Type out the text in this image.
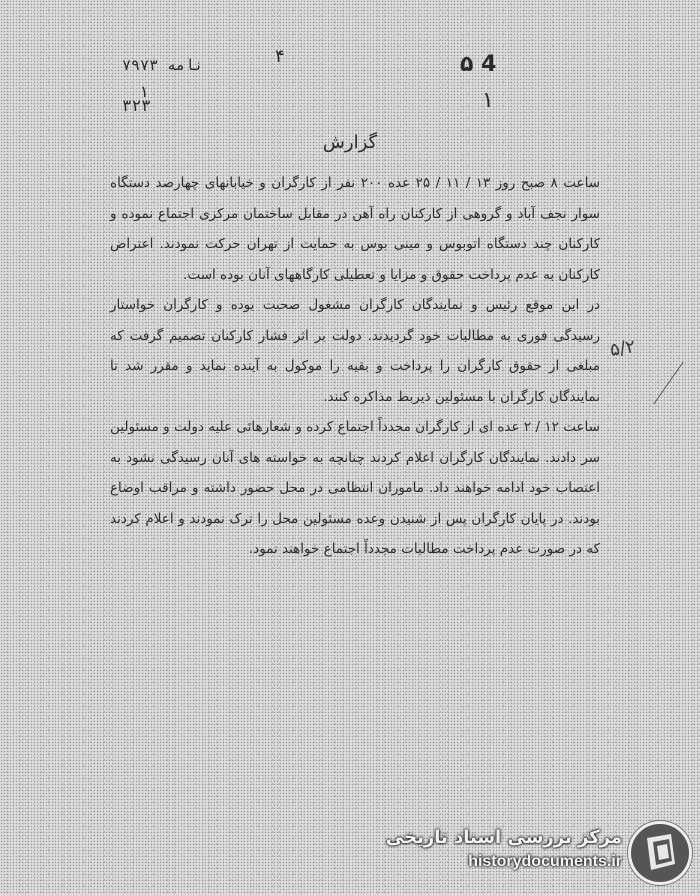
4 ۵
۴
نامه ۷۹۷۳
۱
۳۲۳	۱
گزارش

ساعت ۸ صبح روز ۱۳ / ۱۱ / ۲۵ عده ۲۰۰ نفر از کارگران و خیابانهای چهارصد دستگاه سوار نجف آباد و گروهی از کارکنان راه آهن در مقابل ساختمان مرکزی اجتماع نموده و کارکنان چند دستگاه اتوبوس و مینی بوس به حمایت از تهران حرکت نمودند. اعتراض کارکنان به عدم پرداخت حقوق و مزایا و تعطیلی کارگاههای آنان بوده است.

در این موقع رئیس و نمایندگان کارگران مشغول صحبت بوده و کارگران خواستار رسیدگی فوری به مطالبات خود گردیدند. دولت بر اثر فشار کارکنان تصمیم گرفت که مبلغی از حقوق کارگران را پرداخت و بقیه را موکول به آینده نماید و مقرر شد تا نمایندگان کارگران با مسئولین ذیربط مذاکره کنند.

ساعت ۱۲ / ۲ عده ای از کارگران مجدداً اجتماع کرده و شعارهائی علیه دولت و مسئولین سر دادند. نمایندگان کارگران اعلام کردند چنانچه به خواسته های آنان رسیدگی نشود به اعتصاب خود ادامه خواهند داد. ماموران انتظامی در محل حضور داشته و مراقب اوضاع بودند. در پایان کارگران پس از شنیدن وعده مسئولین محل را ترک نمودند و اعلام کردند که در صورت عدم پرداخت مطالبات مجدداً اجتماع خواهند نمود.

۵/۲
مرکز بررسی اسناد تاریخی
historydocuments.ir
